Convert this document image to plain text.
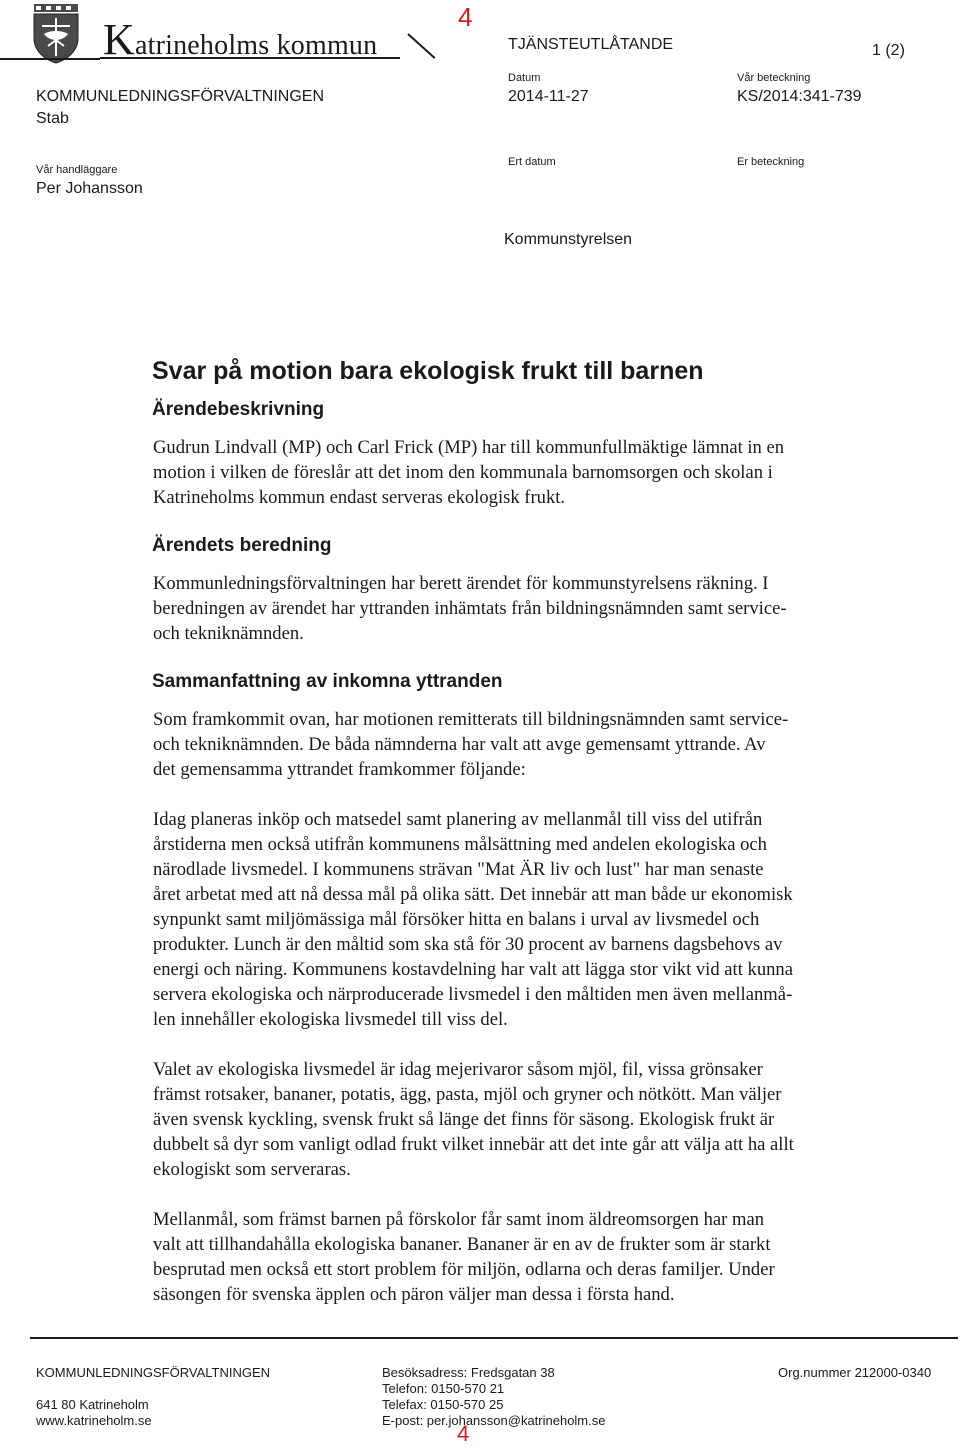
Katrineholms kommun
4
TJÄNSTEUTLÅTANDE	1 (2)
KOMMUNLEDNINGSFÖRVALTNINGEN
Stab
Datum
2014-11-27
Vår beteckning
KS/2014:341-739
Vår handläggare
Per Johansson
Ert datum	Er beteckning
Kommunstyrelsen
Svar på motion bara ekologisk frukt till barnen
Ärendebeskrivning
Gudrun Lindvall (MP) och Carl Frick (MP) har till kommunfullmäktige lämnat in en
motion i vilken de föreslår att det inom den kommunala barnomsorgen och skolan i
Katrineholms kommun endast serveras ekologisk frukt.
Ärendets beredning
Kommunledningsförvaltningen har berett ärendet för kommunstyrelsens räkning. I
beredningen av ärendet har yttranden inhämtats från bildningsnämnden samt service-
och tekniknämnden.
Sammanfattning av inkomna yttranden
Som framkommit ovan, har motionen remitterats till bildningsnämnden samt service-
och tekniknämnden. De båda nämnderna har valt att avge gemensamt yttrande. Av
det gemensamma yttrandet framkommer följande:
Idag planeras inköp och matsedel samt planering av mellanmål till viss del utifrån
årstiderna men också utifrån kommunens målsättning med andelen ekologiska och
närodlade livsmedel. I kommunens strävan "Mat ÄR liv och lust" har man senaste
året arbetat med att nå dessa mål på olika sätt. Det innebär att man både ur ekonomisk
synpunkt samt miljömässiga mål försöker hitta en balans i urval av livsmedel och
produkter. Lunch är den måltid som ska stå för 30 procent av barnens dagsbehovs av
energi och näring. Kommunens kostavdelning har valt att lägga stor vikt vid att kunna
servera ekologiska och närproducerade livsmedel i den måltiden men även mellanmå-
len innehåller ekologiska livsmedel till viss del.
Valet av ekologiska livsmedel är idag mejerivaror såsom mjöl, fil, vissa grönsaker
främst rotsaker, bananer, potatis, ägg, pasta, mjöl och gryner och nötkött. Man väljer
även svensk kyckling, svensk frukt så länge det finns för säsong. Ekologisk frukt är
dubbelt så dyr som vanligt odlad frukt vilket innebär att det inte går att välja att ha allt
ekologiskt som serveraras.
Mellanmål, som främst barnen på förskolor får samt inom äldreomsorgen har man
valt att tillhandahålla ekologiska bananer. Bananer är en av de frukter som är starkt
besprutad men också ett stort problem för miljön, odlarna och deras familjer. Under
säsongen för svenska äpplen och päron väljer man dessa i första hand.
KOMMUNLEDNINGSFÖRVALTNINGEN
641 80 Katrineholm
www.katrineholm.se
Besöksadress: Fredsgatan 38
Telefon: 0150-570 21
Telefax: 0150-570 25
E-post: per.johansson@katrineholm.se
Org.nummer 212000-0340
4
